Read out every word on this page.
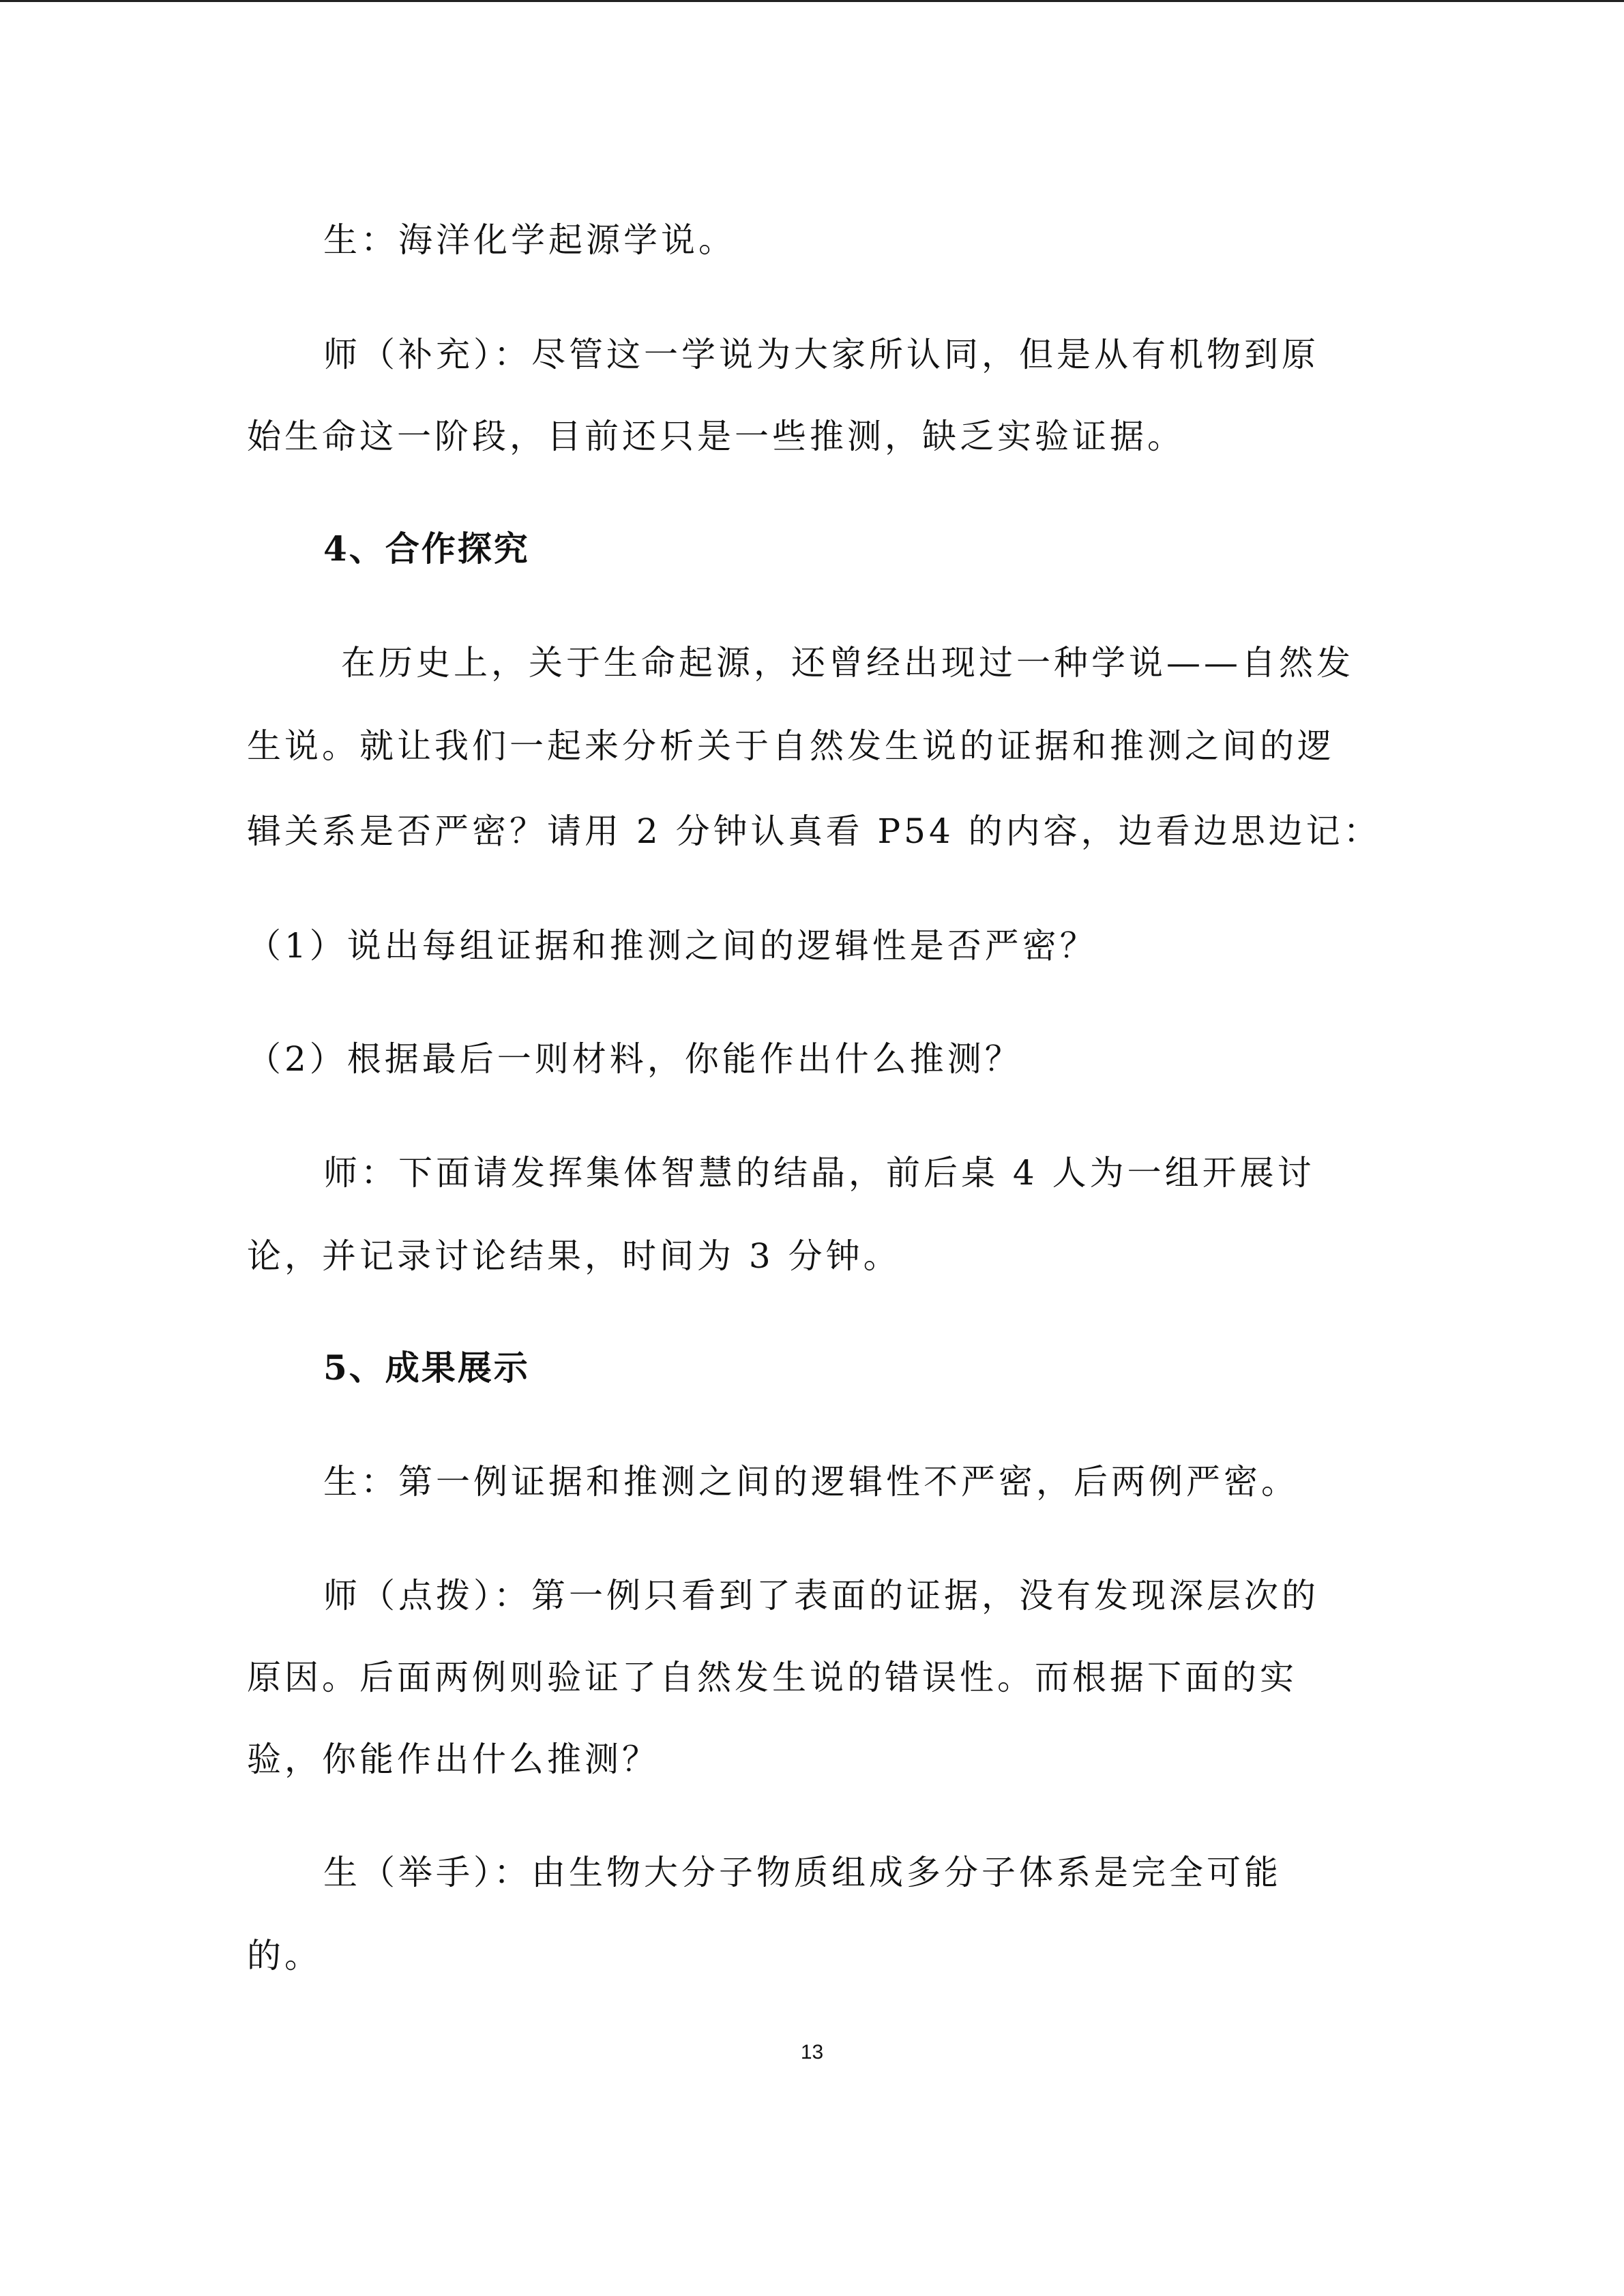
生：海洋化学起源学说。
师（补充）：尽管这一学说为大家所认同，但是从有机物到原
始生命这一阶段，目前还只是一些推测，缺乏实验证据。
4、合作探究
在历史上，关于生命起源，还曾经出现过一种学说——自然发
生说。就让我们一起来分析关于自然发生说的证据和推测之间的逻
辑关系是否严密？请用 2 分钟认真看 P54 的内容，边看边思边记：
（1）说出每组证据和推测之间的逻辑性是否严密？
（2）根据最后一则材料，你能作出什么推测？
师：下面请发挥集体智慧的结晶，前后桌 4 人为一组开展讨
论，并记录讨论结果，时间为 3 分钟。
5、成果展示
生：第一例证据和推测之间的逻辑性不严密，后两例严密。
师（点拨）：第一例只看到了表面的证据，没有发现深层次的
原因。后面两例则验证了自然发生说的错误性。而根据下面的实
验，你能作出什么推测？
生（举手）：由生物大分子物质组成多分子体系是完全可能
的。
13
